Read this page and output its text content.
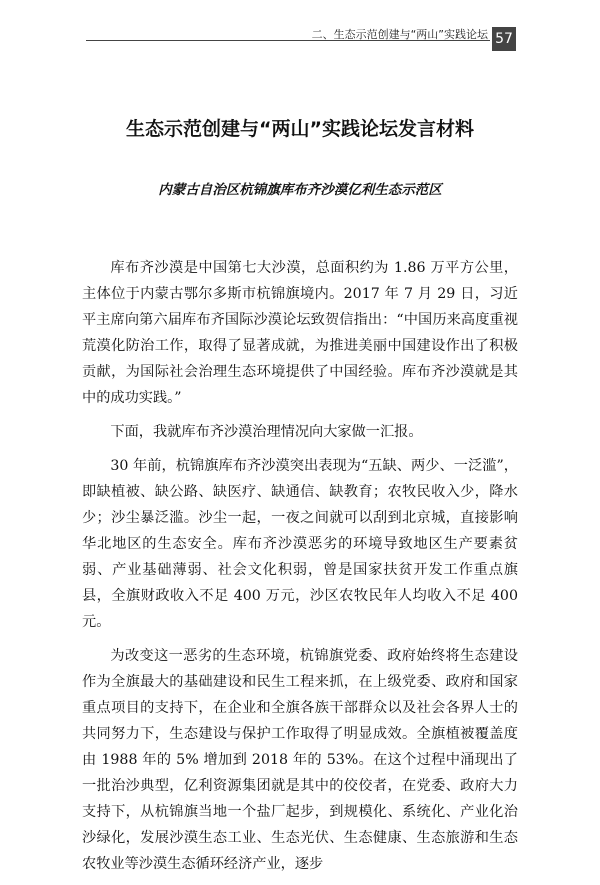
二、生态示范创建与“两山”实践论坛 57
生态示范创建与“两山”实践论坛发言材料
内蒙古自治区杭锦旗库布齐沙漠亿利生态示范区

库布齐沙漠是中国第七大沙漠，总面积约为 1.86 万平方公里，主体位于内蒙古鄂尔多斯市杭锦旗境内。2017 年 7 月 29 日，习近平主席向第六届库布齐国际沙漠论坛致贺信指出：“中国历来高度重视荒漠化防治工作，取得了显著成就，为推进美丽中国建设作出了积极贡献，为国际社会治理生态环境提供了中国经验。库布齐沙漠就是其中的成功实践。”

下面，我就库布齐沙漠治理情况向大家做一汇报。

30 年前，杭锦旗库布齐沙漠突出表现为“五缺、两少、一泛滥”，即缺植被、缺公路、缺医疗、缺通信、缺教育；农牧民收入少，降水少；沙尘暴泛滥。沙尘一起，一夜之间就可以刮到北京城，直接影响华北地区的生态安全。库布齐沙漠恶劣的环境导致地区生产要素贫弱、产业基础薄弱、社会文化积弱，曾是国家扶贫开发工作重点旗县，全旗财政收入不足 400 万元，沙区农牧民年人均收入不足 400 元。

为改变这一恶劣的生态环境，杭锦旗党委、政府始终将生态建设作为全旗最大的基础建设和民生工程来抓，在上级党委、政府和国家重点项目的支持下，在企业和全旗各族干部群众以及社会各界人士的共同努力下，生态建设与保护工作取得了明显成效。全旗植被覆盖度由 1988 年的 5% 增加到 2018 年的 53%。在这个过程中涌现出了一批治沙典型，亿利资源集团就是其中的佼佼者，在党委、政府大力支持下，从杭锦旗当地一个盐厂起步，到规模化、系统化、产业化治沙绿化，发展沙漠生态工业、生态光伏、生态健康、生态旅游和生态农牧业等沙漠生态循环经济产业，逐步
